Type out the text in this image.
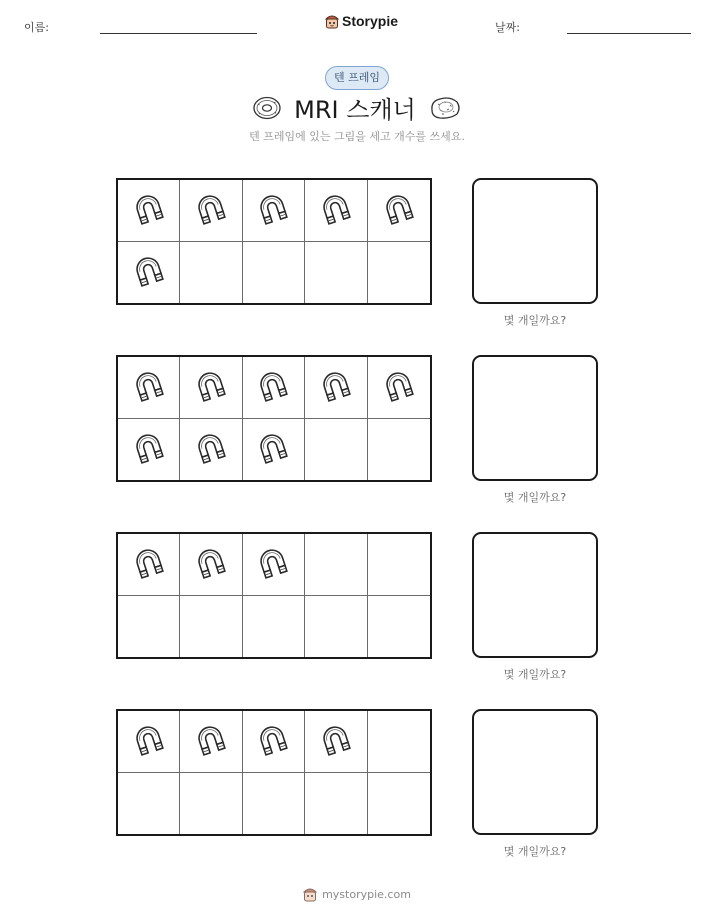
이름:	Storypie	날짜:
텐 프레임
MRI 스캐너
텐 프레임에 있는 그림을 세고 개수를 쓰세요.
몇 개일까요?
몇 개일까요?
몇 개일까요?
몇 개일까요?
mystorypie.com
